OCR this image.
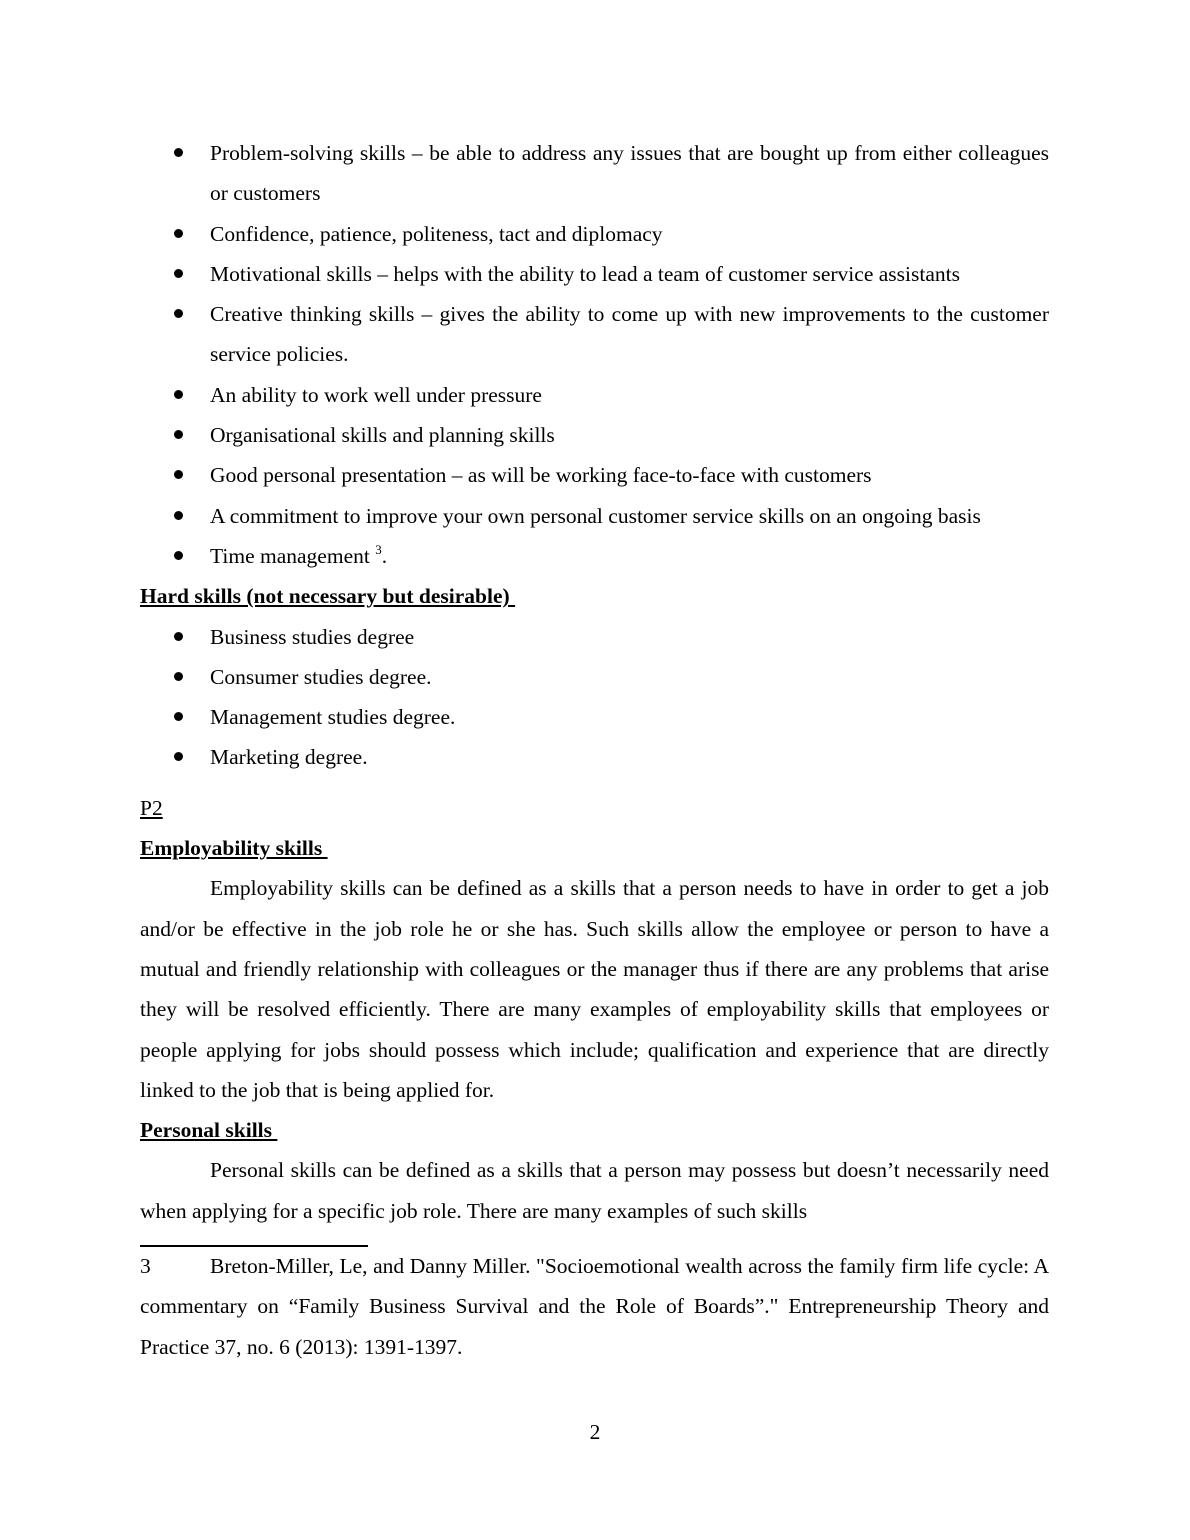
Problem-solving skills – be able to address any issues that are bought up from either colleagues or customers
Confidence, patience, politeness, tact and diplomacy
Motivational skills – helps with the ability to lead a team of customer service assistants
Creative thinking skills – gives the ability to come up with new improvements to the customer service policies.
An ability to work well under pressure
Organisational skills and planning skills
Good personal presentation – as will be working face-to-face with customers
A commitment to improve your own personal customer service skills on an ongoing basis
Time management $^3$.
Hard skills (not necessary but desirable)
Business studies degree
Consumer studies degree.
Management studies degree.
Marketing degree.
P2
Employability skills

Employability skills can be defined as a skills that a person needs to have in order to get a job and/or be effective in the job role he or she has. Such skills allow the employee or person to have a mutual and friendly relationship with colleagues or the manager thus if there are any problems that arise they will be resolved efficiently. There are many examples of employability skills that employees or people applying for jobs should possess which include; qualification and experience that are directly linked to the job that is being applied for.

Personal skills

Personal skills can be defined as a skills that a person may possess but doesn’t necessarily need when applying for a specific job role. There are many examples of such skills

3	Breton-Miller, Le, and Danny Miller. "Socioemotional wealth across the family firm life cycle: A commentary on “Family Business Survival and the Role of Boards”." Entrepreneurship Theory and Practice 37, no. 6 (2013): 1391-1397.

2
